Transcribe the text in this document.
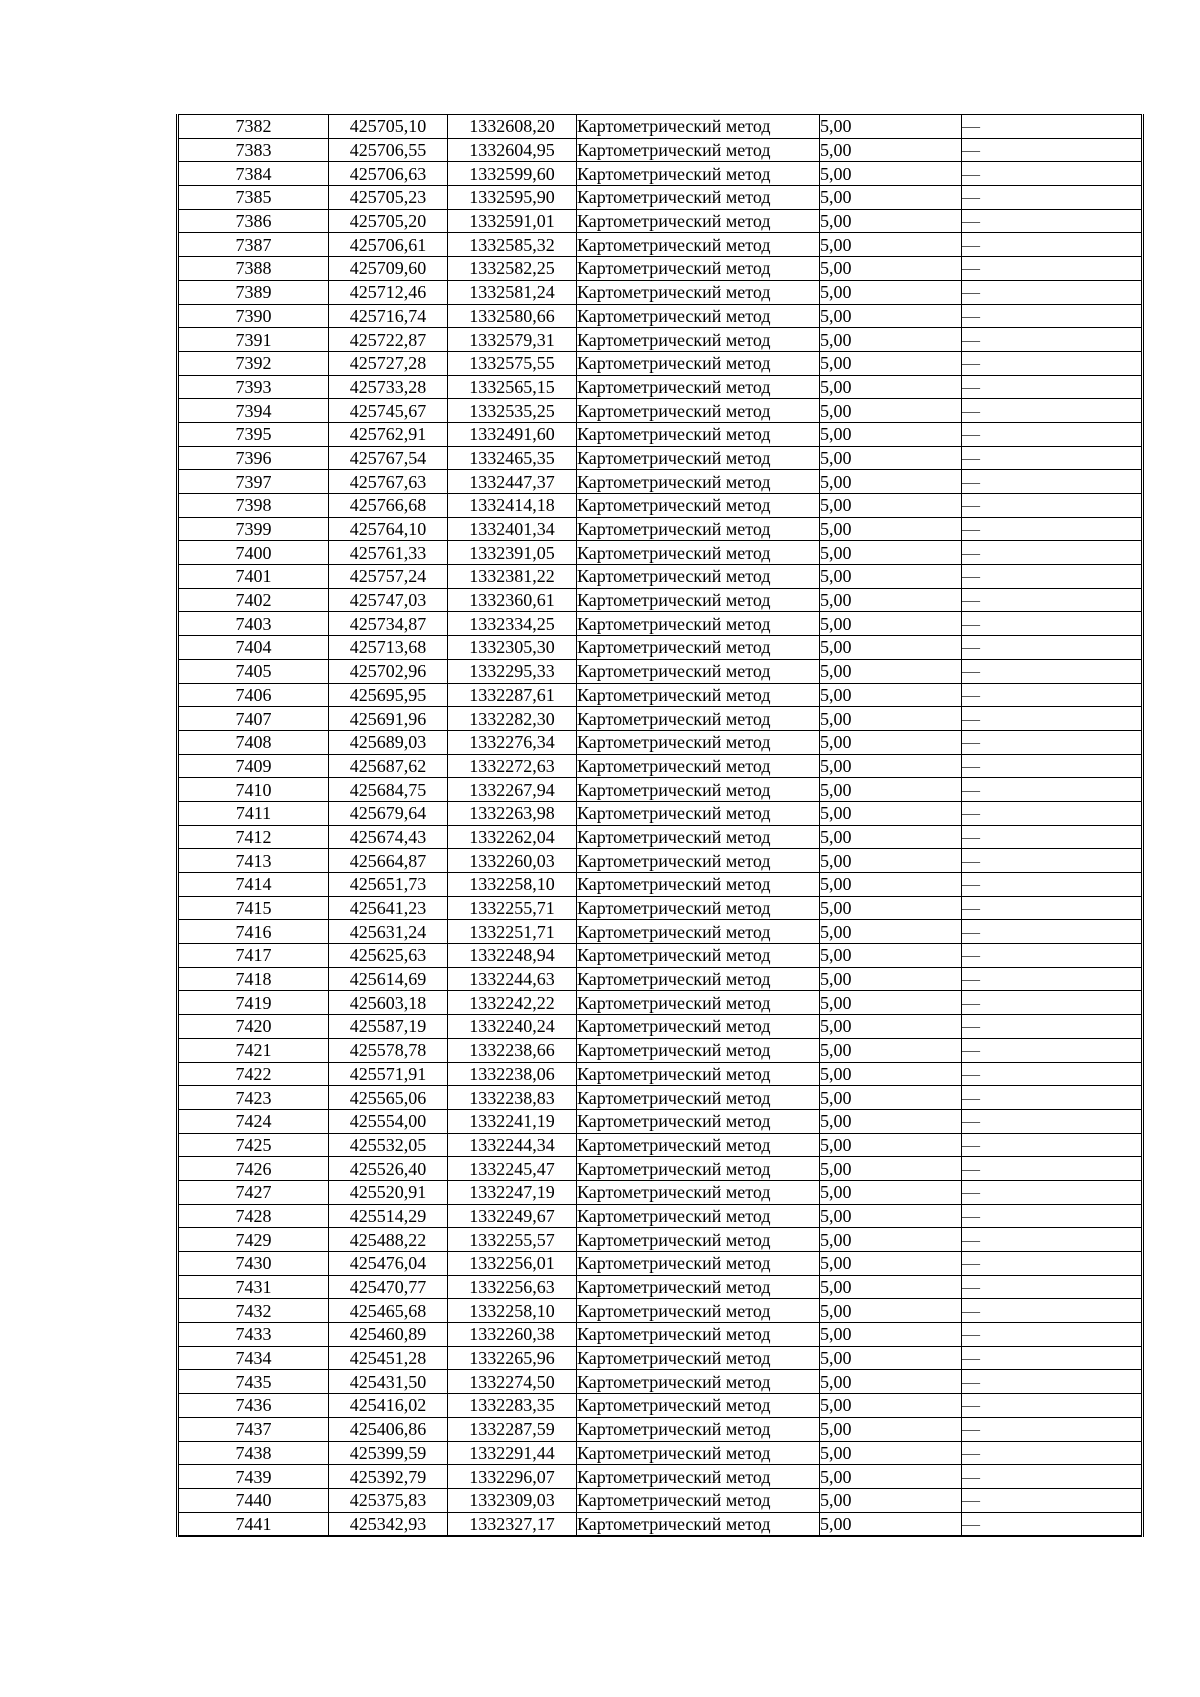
7382	425705,10	1332608,20	Картометрический метод	5,00	—
7383	425706,55	1332604,95	Картометрический метод	5,00	—
7384	425706,63	1332599,60	Картометрический метод	5,00	—
7385	425705,23	1332595,90	Картометрический метод	5,00	—
7386	425705,20	1332591,01	Картометрический метод	5,00	—
7387	425706,61	1332585,32	Картометрический метод	5,00	—
7388	425709,60	1332582,25	Картометрический метод	5,00	—
7389	425712,46	1332581,24	Картометрический метод	5,00	—
7390	425716,74	1332580,66	Картометрический метод	5,00	—
7391	425722,87	1332579,31	Картометрический метод	5,00	—
7392	425727,28	1332575,55	Картометрический метод	5,00	—
7393	425733,28	1332565,15	Картометрический метод	5,00	—
7394	425745,67	1332535,25	Картометрический метод	5,00	—
7395	425762,91	1332491,60	Картометрический метод	5,00	—
7396	425767,54	1332465,35	Картометрический метод	5,00	—
7397	425767,63	1332447,37	Картометрический метод	5,00	—
7398	425766,68	1332414,18	Картометрический метод	5,00	—
7399	425764,10	1332401,34	Картометрический метод	5,00	—
7400	425761,33	1332391,05	Картометрический метод	5,00	—
7401	425757,24	1332381,22	Картометрический метод	5,00	—
7402	425747,03	1332360,61	Картометрический метод	5,00	—
7403	425734,87	1332334,25	Картометрический метод	5,00	—
7404	425713,68	1332305,30	Картометрический метод	5,00	—
7405	425702,96	1332295,33	Картометрический метод	5,00	—
7406	425695,95	1332287,61	Картометрический метод	5,00	—
7407	425691,96	1332282,30	Картометрический метод	5,00	—
7408	425689,03	1332276,34	Картометрический метод	5,00	—
7409	425687,62	1332272,63	Картометрический метод	5,00	—
7410	425684,75	1332267,94	Картометрический метод	5,00	—
7411	425679,64	1332263,98	Картометрический метод	5,00	—
7412	425674,43	1332262,04	Картометрический метод	5,00	—
7413	425664,87	1332260,03	Картометрический метод	5,00	—
7414	425651,73	1332258,10	Картометрический метод	5,00	—
7415	425641,23	1332255,71	Картометрический метод	5,00	—
7416	425631,24	1332251,71	Картометрический метод	5,00	—
7417	425625,63	1332248,94	Картометрический метод	5,00	—
7418	425614,69	1332244,63	Картометрический метод	5,00	—
7419	425603,18	1332242,22	Картометрический метод	5,00	—
7420	425587,19	1332240,24	Картометрический метод	5,00	—
7421	425578,78	1332238,66	Картометрический метод	5,00	—
7422	425571,91	1332238,06	Картометрический метод	5,00	—
7423	425565,06	1332238,83	Картометрический метод	5,00	—
7424	425554,00	1332241,19	Картометрический метод	5,00	—
7425	425532,05	1332244,34	Картометрический метод	5,00	—
7426	425526,40	1332245,47	Картометрический метод	5,00	—
7427	425520,91	1332247,19	Картометрический метод	5,00	—
7428	425514,29	1332249,67	Картометрический метод	5,00	—
7429	425488,22	1332255,57	Картометрический метод	5,00	—
7430	425476,04	1332256,01	Картометрический метод	5,00	—
7431	425470,77	1332256,63	Картометрический метод	5,00	—
7432	425465,68	1332258,10	Картометрический метод	5,00	—
7433	425460,89	1332260,38	Картометрический метод	5,00	—
7434	425451,28	1332265,96	Картометрический метод	5,00	—
7435	425431,50	1332274,50	Картометрический метод	5,00	—
7436	425416,02	1332283,35	Картометрический метод	5,00	—
7437	425406,86	1332287,59	Картометрический метод	5,00	—
7438	425399,59	1332291,44	Картометрический метод	5,00	—
7439	425392,79	1332296,07	Картометрический метод	5,00	—
7440	425375,83	1332309,03	Картометрический метод	5,00	—
7441	425342,93	1332327,17	Картометрический метод	5,00	—
